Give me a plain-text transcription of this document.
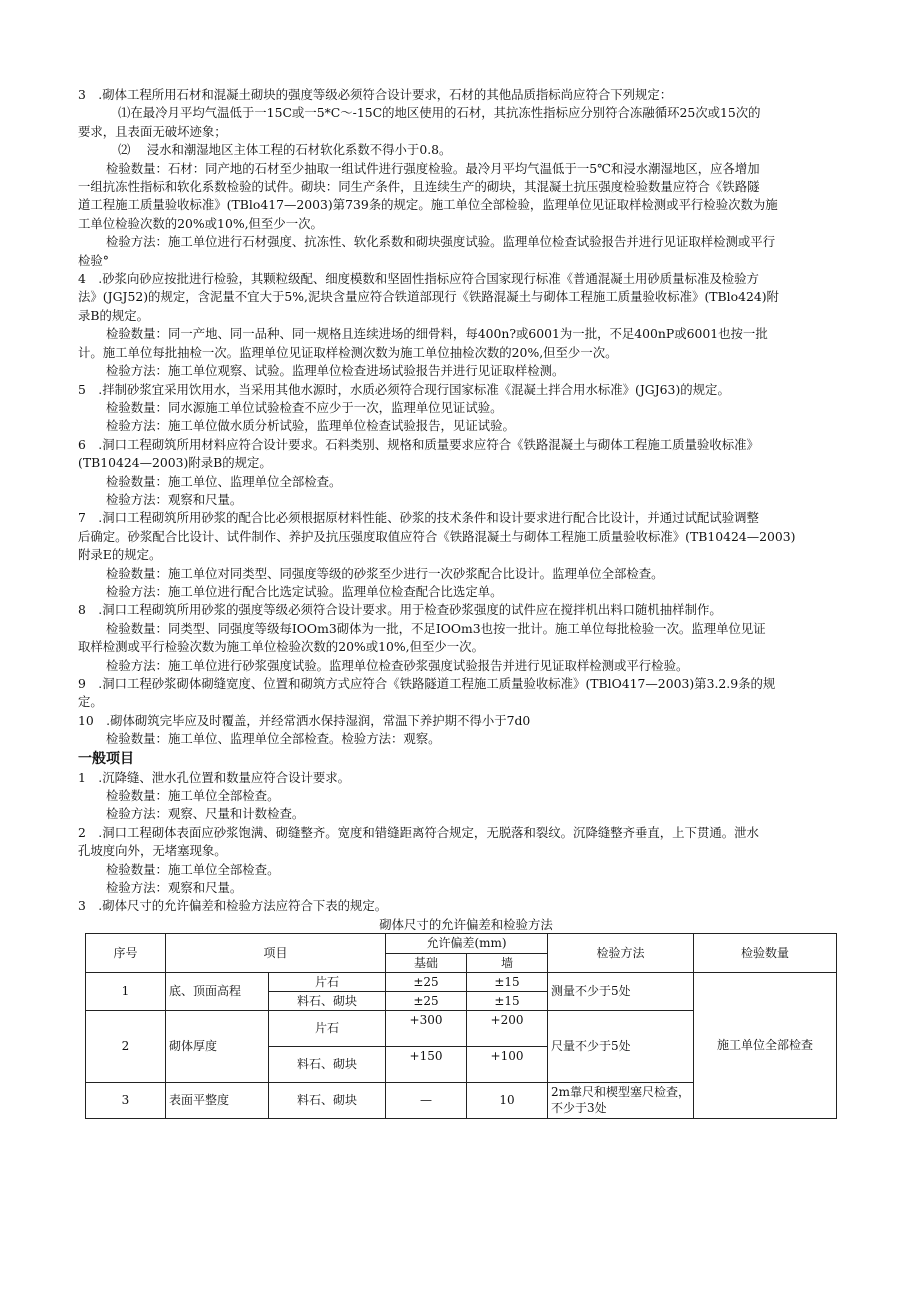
3　.砌体工程所用石材和混凝土砌块的强度等级必须符合设计要求，石材的其他品质指标尚应符合下列规定：

⑴在最冷月平均气温低于一15C或一5*C～-15C的地区使用的石材，其抗冻性指标应分别符合冻融循环25次或15次的

要求，且表面无破坏迹象；

⑵　 浸水和潮湿地区主体工程的石材软化系数不得小于0.8。

检验数量：石材：同产地的石材至少抽取一组试件进行强度检验。最冷月平均气温低于一5℃和浸水潮湿地区，应各增加

一组抗冻性指标和软化系数检验的试件。砌块：同生产条件，且连续生产的砌块，其混凝土抗压强度检验数量应符合《铁路隧

道工程施工质量验收标准》(TBlo417—2003)第739条的规定。施工单位全部检验，监理单位见证取样检测或平行检验次数为施

工单位检验次数的20%或10%,但至少一次。

检验方法：施工单位进行石材强度、抗冻性、软化系数和砌块强度试验。监理单位检查试验报告并进行见证取样检测或平行

检验°

4　.砂浆向砂应按批进行检验，其颗粒级配、细度模数和坚固性指标应符合国家现行标准《普通混凝土用砂质量标准及检验方

法》(JGJ52)的规定，含泥量不宜大于5%,泥块含量应符合铁道部现行《铁路混凝土与砌体工程施工质量验收标准》(TBlo424)附

录B的规定。

检验数量：同一产地、同一品种、同一规格且连续进场的细骨料，每400n?或6001为一批，不足400nP或6001也按一批

计。施工单位每批抽检一次。监理单位见证取样检测次数为施工单位抽检次数的20%,但至少一次。

检验方法：施工单位观察、试验。监理单位检查进场试验报告并进行见证取样检测。

5　.拌制砂浆宜采用饮用水，当采用其他水源时，水质必须符合现行国家标准《混凝土拌合用水标准》(JGJ63)的规定。

检验数量：同水源施工单位试验检查不应少于一次，监理单位见证试验。

检验方法：施工单位做水质分析试验，监理单位检查试验报告，见证试验。

6　.洞口工程砌筑所用材料应符合设计要求。石料类别、规格和质量要求应符合《铁路混凝土与砌体工程施工质量验收标准》

(TB10424—2003)附录B的规定。

检验数量：施工单位、监理单位全部检查。

检验方法：观察和尺量。

7　.洞口工程砌筑所用砂浆的配合比必须根据原材料性能、砂浆的技术条件和设计要求进行配合比设计，并通过试配试验调整

后确定。砂浆配合比设计、试件制作、养护及抗压强度取值应符合《铁路混凝土与砌体工程施工质量验收标准》(TB10424—2003)

附录E的规定。

检验数量：施工单位对同类型、同强度等级的砂浆至少进行一次砂浆配合比设计。监理单位全部检查。

检验方法：施工单位进行配合比选定试验。监理单位检查配合比选定单。

8　.洞口工程砌筑所用砂浆的强度等级必须符合设计要求。用于检查砂浆强度的试件应在搅拌机出料口随机抽样制作。

检验数量：同类型、同强度等级每IOOm3砌体为一批，不足IOOm3也按一批计。施工单位每批检验一次。监理单位见证

取样检测或平行检验次数为施工单位检验次数的20%或10%,但至少一次。

检验方法：施工单位进行砂浆强度试验。监理单位检查砂浆强度试验报告并进行见证取样检测或平行检验。

9　.洞口工程砂浆砌体砌缝宽度、位置和砌筑方式应符合《铁路隧道工程施工质量验收标准》(TBlO417—2003)第3.2.9条的规

定。

10　.砌体砌筑完毕应及时覆盖，并经常洒水保持湿润，常温下养护期不得小于7d0

检验数量：施工单位、监理单位全部检查。检验方法：观察。

一般项目

1　.沉降缝、泄水孔位置和数量应符合设计要求。

检验数量：施工单位全部检查。

检验方法：观察、尺量和计数检查。

2　.洞口工程砌体表面应砂浆饱满、砌缝整齐。宽度和错缝距离符合规定，无脱落和裂纹。沉降缝整齐垂直，上下贯通。泄水

孔坡度向外，无堵塞现象。

检验数量：施工单位全部检查。

检验方法：观察和尺量。

3　.砌体尺寸的允许偏差和检验方法应符合下表的规定。

砌体尺寸的允许偏差和检验方法

序号	项目		允许偏差(mm)		检验方法	检验数量
			基础	墙		
1	底、顶面高程	片石	±25	±15	测量不少于5处	施工单位全部检查
		料石、砌块	±25	±15		
2	砌体厚度	片石	+300	+200	尺量不少于5处	
		料石、砌块	+150	+100		
3	表面平整度	料石、砌块	—	10	2m靠尺和楔型塞尺检查，不少于3处	
